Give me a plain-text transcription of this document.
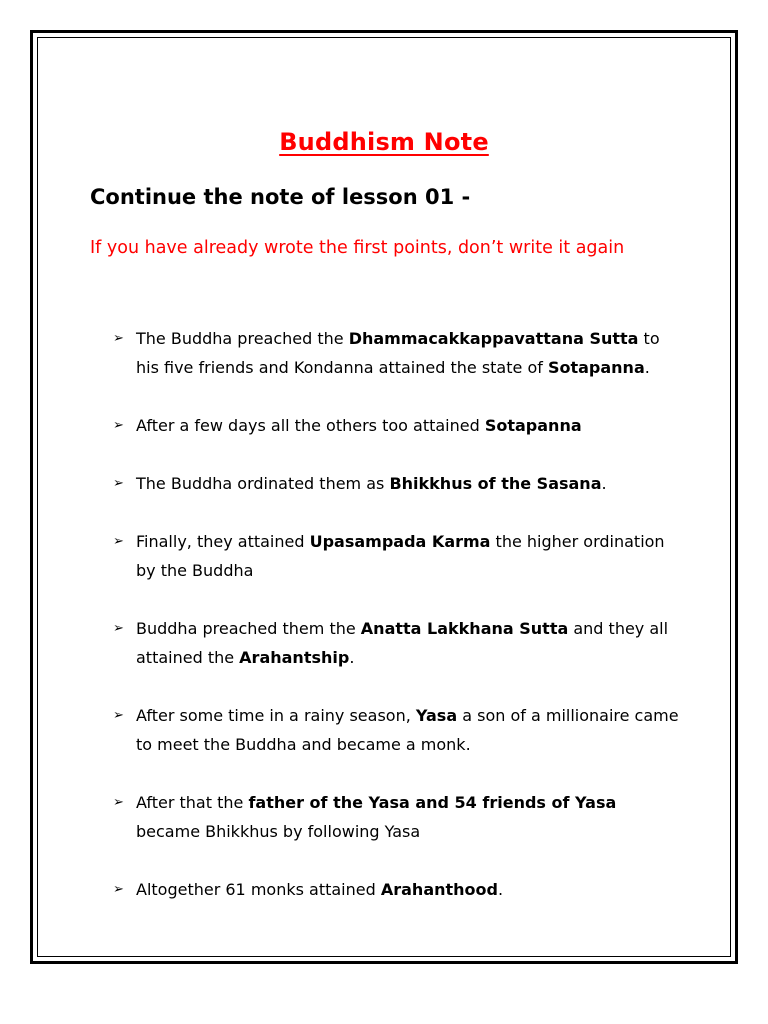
Buddhism Note
Continue the note of lesson 01 -
If you have already wrote the first points, don’t write it again
➢ The Buddha preached the Dhammacakkappavattana Sutta to his five friends and Kondanna attained the state of Sotapanna.
➢ After a few days all the others too attained Sotapanna
➢ The Buddha ordinated them as Bhikkhus of the Sasana.
➢ Finally, they attained Upasampada Karma the higher ordination by the Buddha
➢ Buddha preached them the Anatta Lakkhana Sutta and they all attained the Arahantship.
➢ After some time in a rainy season, Yasa a son of a millionaire came to meet the Buddha and became a monk.
➢ After that the father of the Yasa and 54 friends of Yasa became Bhikkhus by following Yasa
➢ Altogether 61 monks attained Arahanthood.
